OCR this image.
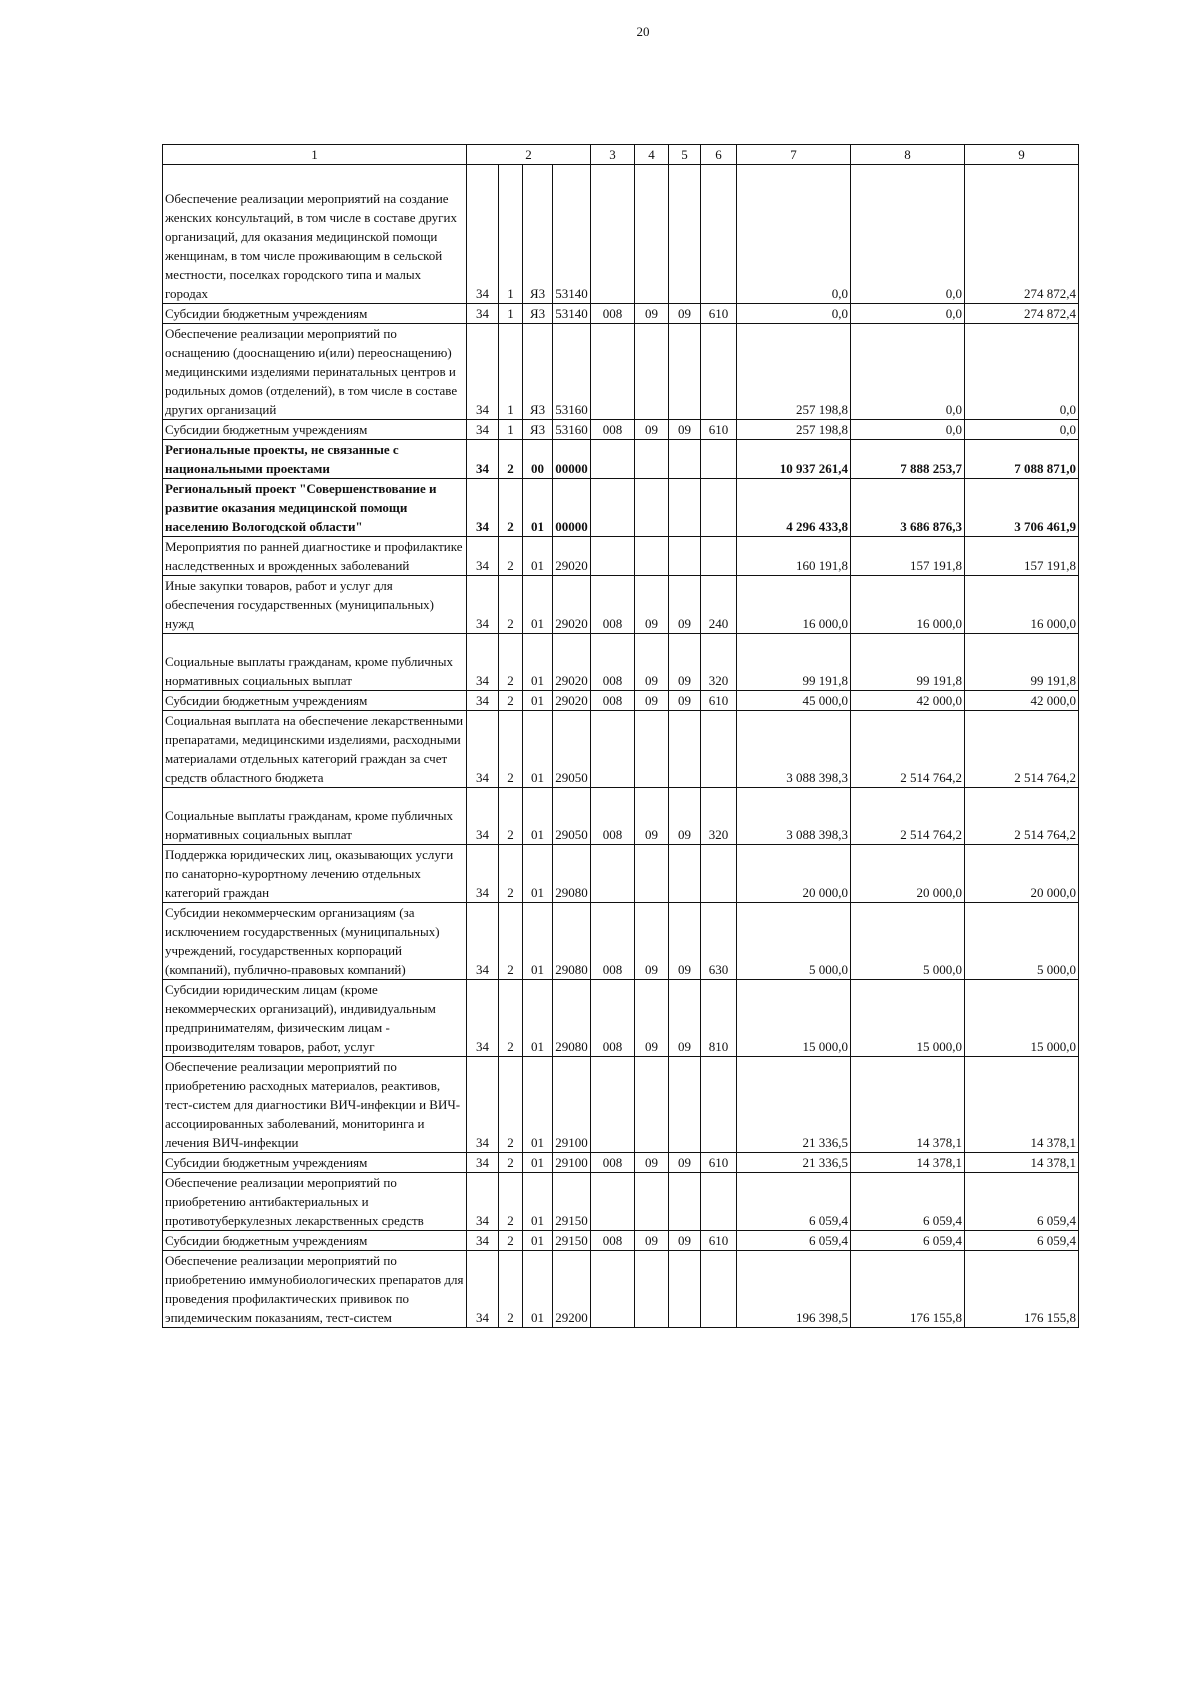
20
1	2				3	4	5	6	7	8	9
Обеспечение реализации мероприятий на создание женских консультаций, в том числе в составе других организаций, для оказания медицинской помощи женщинам, в том числе проживающим в сельской местности, поселках городского типа и малых городах	34	1	Я3	53140					0,0	0,0	274 872,4
Субсидии бюджетным учреждениям	34	1	Я3	53140	008	09	09	610	0,0	0,0	274 872,4
Обеспечение реализации мероприятий по оснащению (дооснащению и(или) переоснащению) медицинскими изделиями перинатальных центров и родильных домов (отделений), в том числе в составе других организаций	34	1	Я3	53160					257 198,8	0,0	0,0
Субсидии бюджетным учреждениям	34	1	Я3	53160	008	09	09	610	257 198,8	0,0	0,0
Региональные проекты, не связанные с национальными проектами	34	2	00	00000					10 937 261,4	7 888 253,7	7 088 871,0
Региональный проект "Совершенствование и развитие оказания медицинской помощи населению Вологодской области"	34	2	01	00000					4 296 433,8	3 686 876,3	3 706 461,9
Мероприятия по ранней диагностике и профилактике наследственных и врожденных заболеваний	34	2	01	29020					160 191,8	157 191,8	157 191,8
Иные закупки товаров, работ и услуг для обеспечения государственных (муниципальных) нужд	34	2	01	29020	008	09	09	240	16 000,0	16 000,0	16 000,0
Социальные выплаты гражданам, кроме публичных нормативных социальных выплат	34	2	01	29020	008	09	09	320	99 191,8	99 191,8	99 191,8
Субсидии бюджетным учреждениям	34	2	01	29020	008	09	09	610	45 000,0	42 000,0	42 000,0
Социальная выплата на обеспечение лекарственными препаратами, медицинскими изделиями, расходными материалами отдельных категорий граждан за счет средств областного бюджета	34	2	01	29050					3 088 398,3	2 514 764,2	2 514 764,2
Социальные выплаты гражданам, кроме публичных нормативных социальных выплат	34	2	01	29050	008	09	09	320	3 088 398,3	2 514 764,2	2 514 764,2
Поддержка юридических лиц, оказывающих услуги по санаторно-курортному лечению отдельных категорий граждан	34	2	01	29080					20 000,0	20 000,0	20 000,0
Субсидии некоммерческим организациям (за исключением государственных (муниципальных) учреждений, государственных корпораций (компаний), публично-правовых компаний)	34	2	01	29080	008	09	09	630	5 000,0	5 000,0	5 000,0
Субсидии юридическим лицам (кроме некоммерческих организаций), индивидуальным предпринимателям, физическим лицам - производителям товаров, работ, услуг	34	2	01	29080	008	09	09	810	15 000,0	15 000,0	15 000,0
Обеспечение реализации мероприятий по приобретению расходных материалов, реактивов, тест-систем для диагностики ВИЧ-инфекции и ВИЧ-ассоциированных заболеваний, мониторинга и лечения ВИЧ-инфекции	34	2	01	29100					21 336,5	14 378,1	14 378,1
Субсидии бюджетным учреждениям	34	2	01	29100	008	09	09	610	21 336,5	14 378,1	14 378,1
Обеспечение реализации мероприятий по приобретению антибактериальных и противотуберкулезных лекарственных средств	34	2	01	29150					6 059,4	6 059,4	6 059,4
Субсидии бюджетным учреждениям	34	2	01	29150	008	09	09	610	6 059,4	6 059,4	6 059,4
Обеспечение реализации мероприятий по приобретению иммунобиологических препаратов для проведения профилактических прививок по эпидемическим показаниям, тест-систем	34	2	01	29200					196 398,5	176 155,8	176 155,8
